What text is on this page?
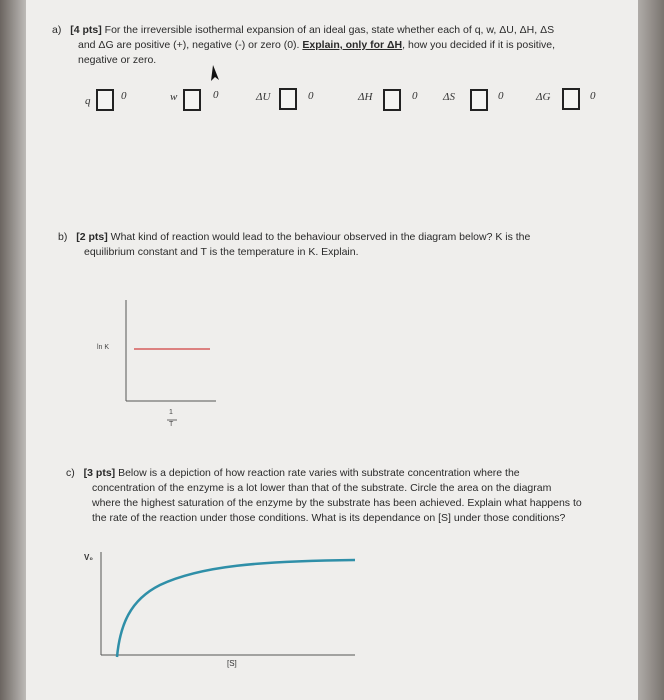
a) [4 pts] For the irreversible isothermal expansion of an ideal gas, state whether each of q, w, ΔU, ΔH, ΔS
and ΔG are positive (+), negative (-) or zero (0). Explain, only for ΔH, how you decided if it is positive,
negative or zero.
q	0	w	0	ΔU	0	ΔH	0 ΔS	0	ΔG	0
b) [2 pts] What kind of reaction would lead to the behaviour observed in the diagram below? K is the
equilibrium constant and T is the temperature in K. Explain.
ln K
1
T
c) [3 pts] Below is a depiction of how reaction rate varies with substrate concentration where the
concentration of the enzyme is a lot lower than that of the substrate. Circle the area on the diagram
where the highest saturation of the enzyme by the substrate has been achieved. Explain what happens to
the rate of the reaction under those conditions. What is its dependance on [S] under those conditions?
V₀
[S]
